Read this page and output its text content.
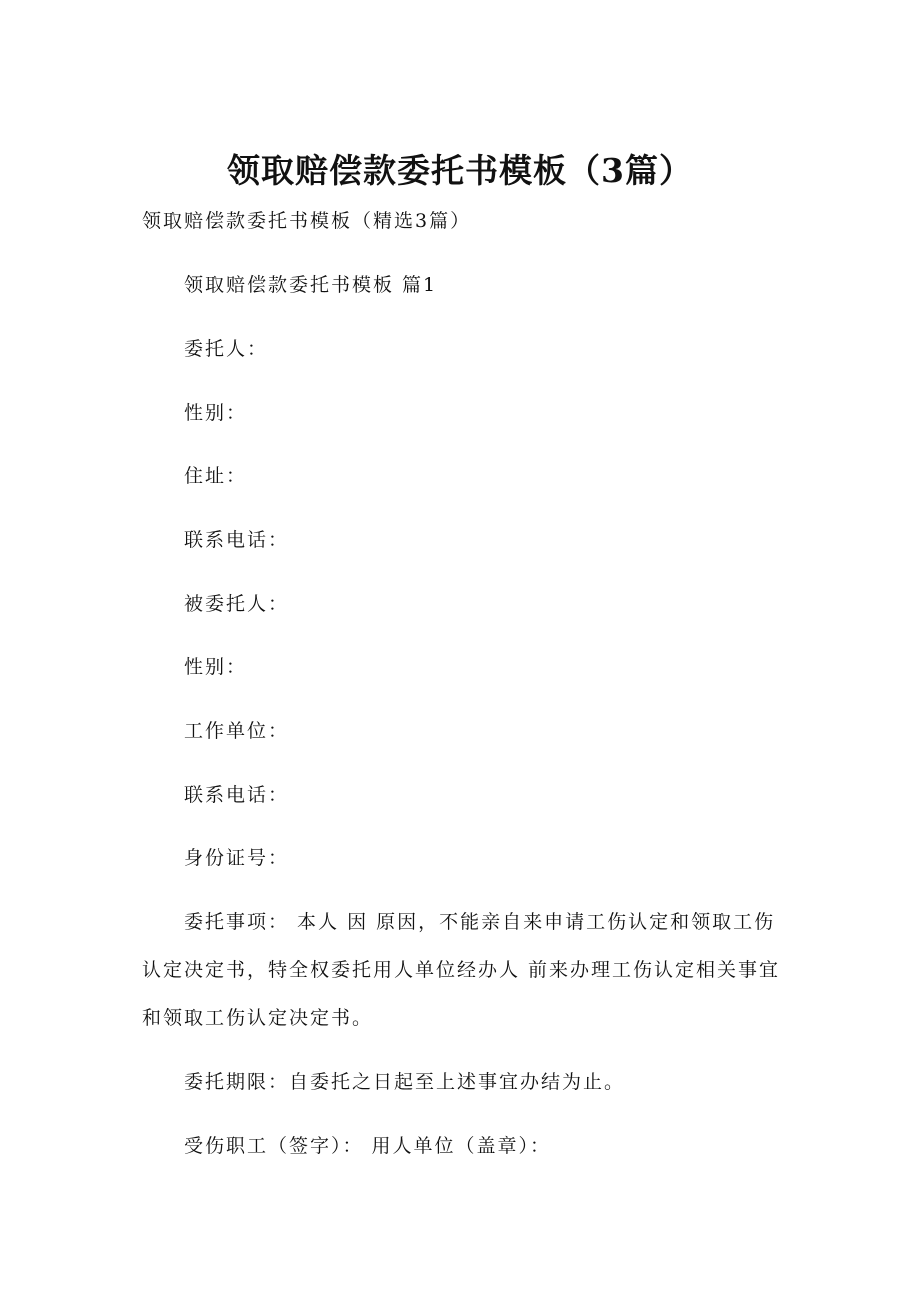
领取赔偿款委托书模板（3篇）

领取赔偿款委托书模板（精选3篇）

领取赔偿款委托书模板 篇1

委托人：

性别：

住址：

联系电话：

被委托人：

性别：

工作单位：

联系电话：

身份证号：

委托事项： 本人 因 原因，不能亲自来申请工伤认定和领取工伤认定决定书，特全权委托用人单位经办人 前来办理工伤认定相关事宜和领取工伤认定决定书。

委托期限：自委托之日起至上述事宜办结为止。

受伤职工（签字）： 用人单位（盖章）：
